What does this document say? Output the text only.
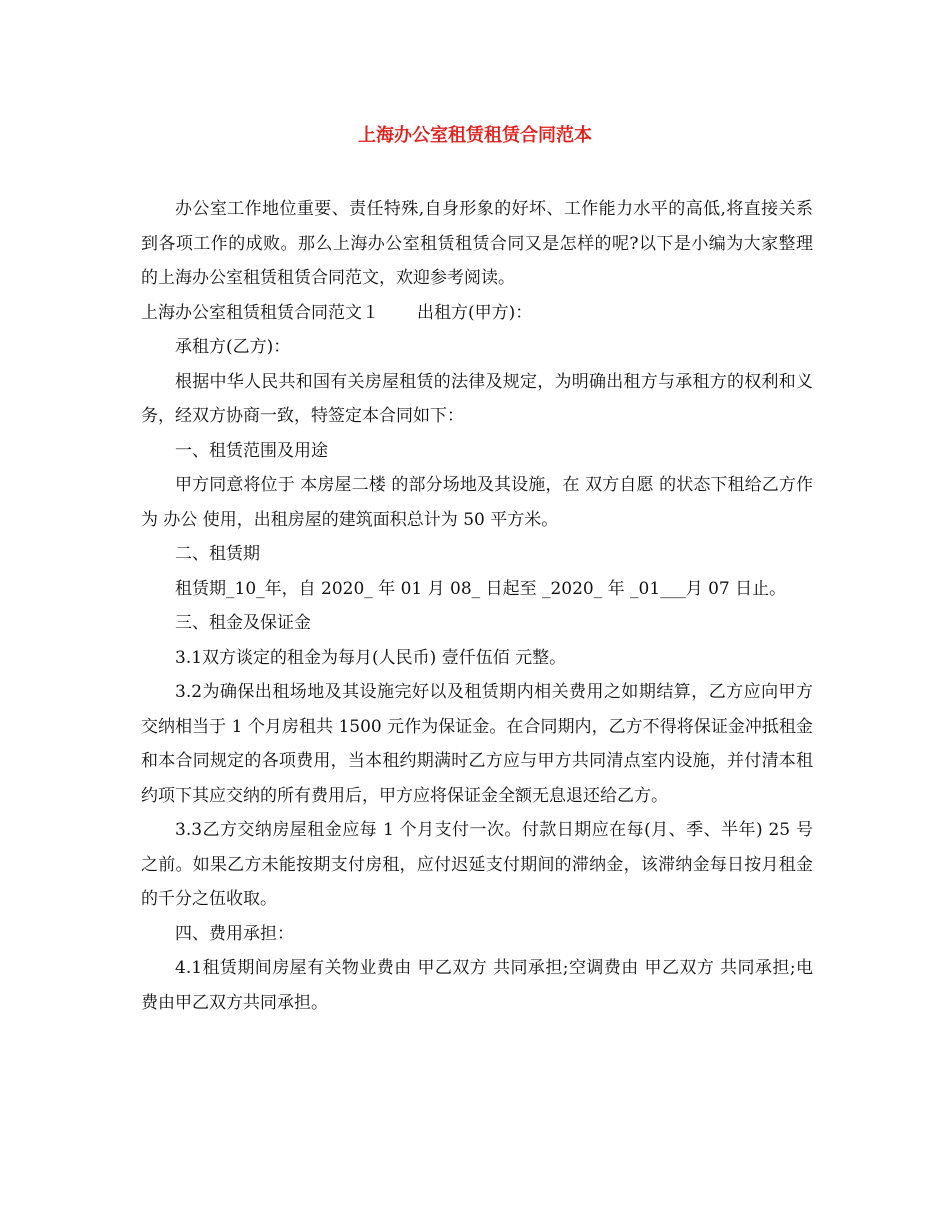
上海办公室租赁租赁合同范本

办公室工作地位重要、责任特殊,自身形象的好坏、工作能力水平的高低,将直接关系到各项工作的成败。那么上海办公室租赁租赁合同又是怎样的呢?以下是小编为大家整理的上海办公室租赁租赁合同范文，欢迎参考阅读。

上海办公室租赁租赁合同范文１ 出租方(甲方)：

承租方(乙方)：

根据中华人民共和国有关房屋租赁的法律及规定，为明确出租方与承租方的权利和义务，经双方协商一致，特签定本合同如下：

一、租赁范围及用途

甲方同意将位于 本房屋二楼 的部分场地及其设施，在 双方自愿 的状态下租给乙方作为 办公 使用，出租房屋的建筑面积总计为 50 平方米。

二、租赁期

租赁期_10_年，自 2020_ 年 01 月 08_ 日起至 _2020_ 年 _01___月 07 日止。

三、租金及保证金

3.1双方谈定的租金为每月(人民币) 壹仟伍佰 元整。

3.2为确保出租场地及其设施完好以及租赁期内相关费用之如期结算，乙方应向甲方交纳相当于 1 个月房租共 1500 元作为保证金。在合同期内，乙方不得将保证金冲抵租金和本合同规定的各项费用，当本租约期满时乙方应与甲方共同清点室内设施，并付清本租约项下其应交纳的所有费用后，甲方应将保证金全额无息退还给乙方。

3.3乙方交纳房屋租金应每 1 个月支付一次。付款日期应在每(月、季、半年) 25 号之前。如果乙方未能按期支付房租，应付迟延支付期间的滞纳金，该滞纳金每日按月租金的千分之伍收取。

四、费用承担：

4.1租赁期间房屋有关物业费由 甲乙双方 共同承担;空调费由 甲乙双方 共同承担;电费由甲乙双方共同承担。
